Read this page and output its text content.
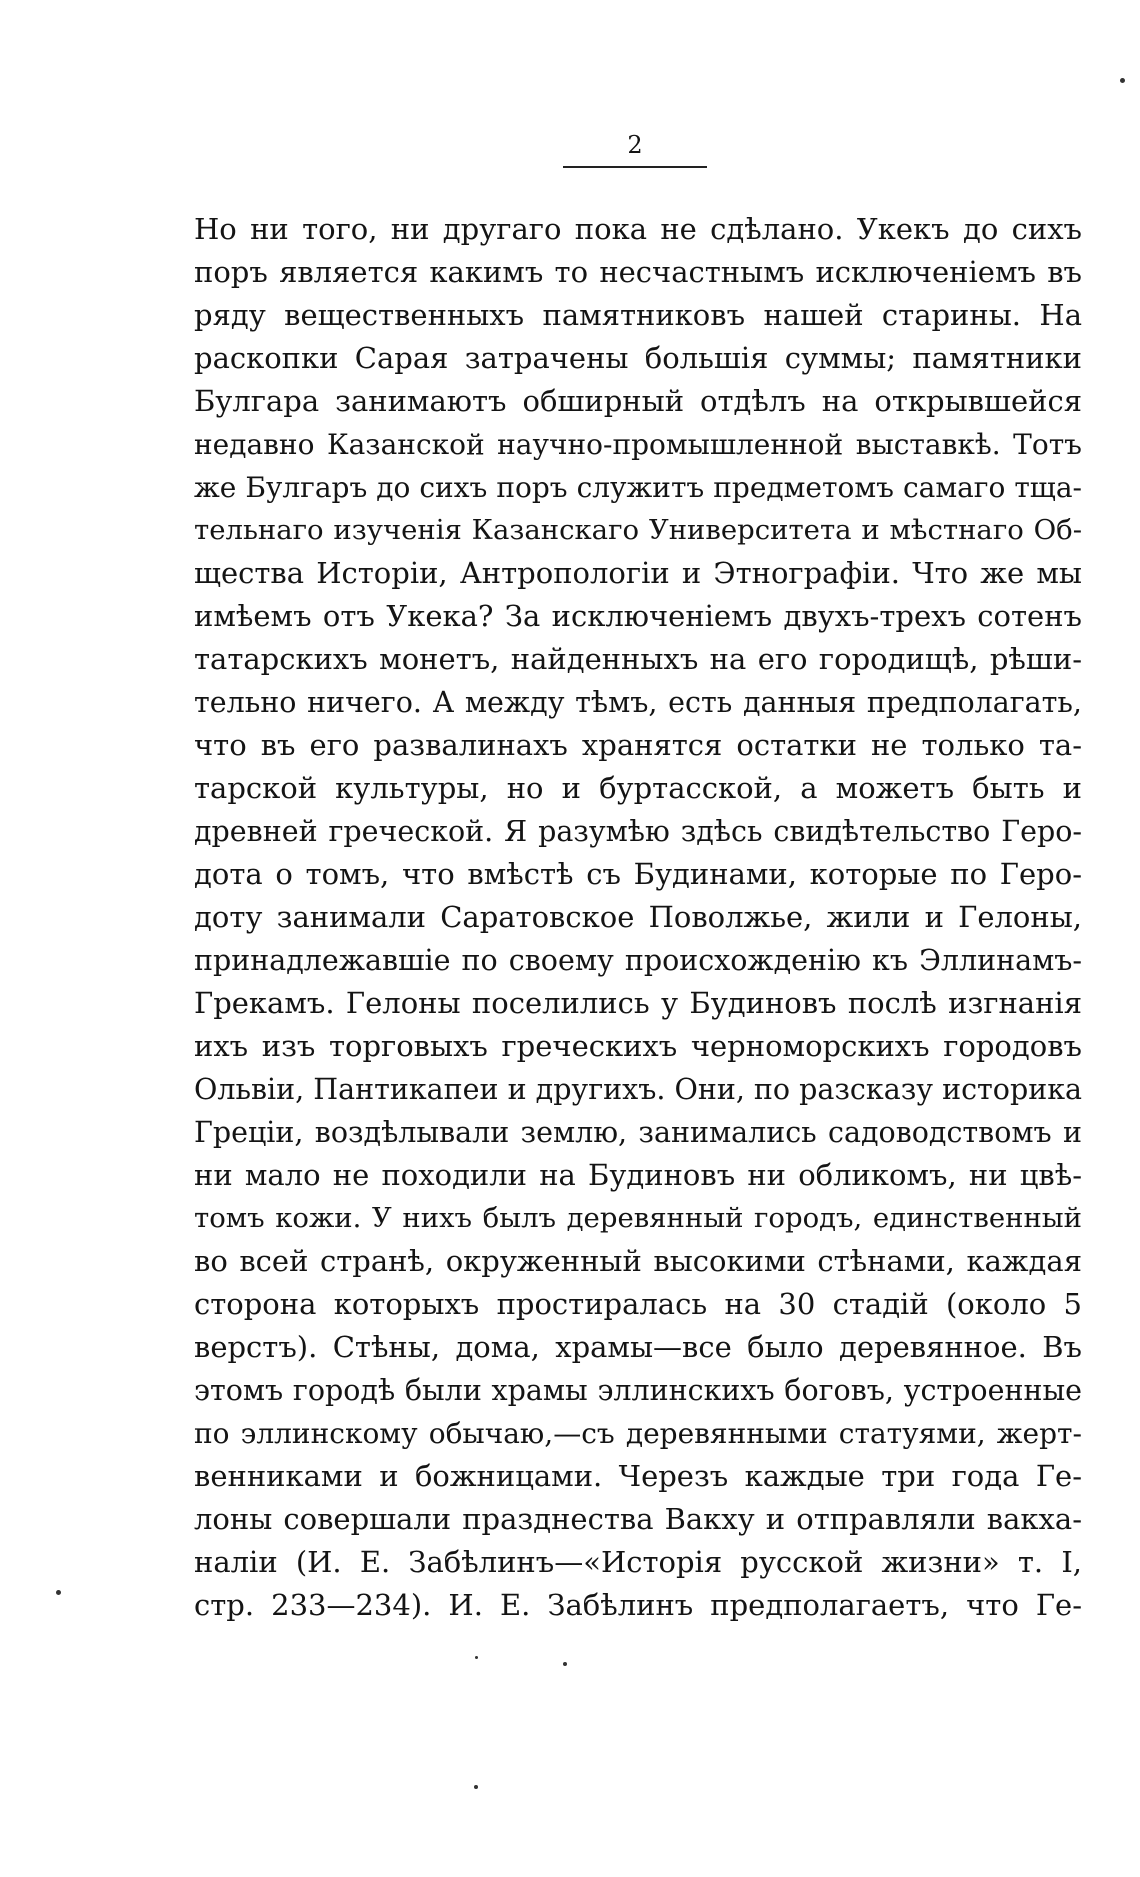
2
Но ни того, ни другаго пока не сдѣлано. Укекъ до сихъ
поръ является какимъ то несчастнымъ исключеніемъ въ
ряду вещественныхъ памятниковъ нашей старины. На
раскопки Сарая затрачены большія суммы; памятники
Булгара занимаютъ обширный отдѣлъ на открывшейся
недавно Казанской научно-промышленной выставкѣ. Тотъ
же Булгаръ до сихъ поръ служитъ предметомъ самаго тща-
тельнаго изученія Казанскаго Университета и мѣстнаго Об-
щества Исторіи, Антропологіи и Этнографіи. Что же мы
имѣемъ отъ Укека? За исключеніемъ двухъ-трехъ сотенъ
татарскихъ монетъ, найденныхъ на его городищѣ, рѣши-
тельно ничего. А между тѣмъ, есть данныя предполагать,
что въ его развалинахъ хранятся остатки не только та-
тарской культуры, но и буртасской, а можетъ быть и
древней греческой. Я разумѣю здѣсь свидѣтельство Геро-
дота о томъ, что вмѣстѣ съ Будинами, которые по Геро-
доту занимали Саратовское Поволжье, жили и Гелоны,
принадлежавшіе по своему происхожденію къ Эллинамъ-
Грекамъ. Гелоны поселились у Будиновъ послѣ изгнанія
ихъ изъ торговыхъ греческихъ черноморскихъ городовъ
Ольвіи, Пантикапеи и другихъ. Они, по разсказу историка
Греціи, воздѣлывали землю, занимались садоводствомъ и
ни мало не походили на Будиновъ ни обликомъ, ни цвѣ-
томъ кожи. У нихъ былъ деревянный городъ, единственный
во всей странѣ, окруженный высокими стѣнами, каждая
сторона которыхъ простиралась на 30 стадій (около 5
верстъ). Стѣны, дома, храмы—все было деревянное. Въ
этомъ городѣ были храмы эллинскихъ боговъ, устроенные
по эллинскому обычаю,—съ деревянными статуями, жерт-
венниками и божницами. Черезъ каждые три года Ге-
лоны совершали празднества Вакху и отправляли вакха-
наліи (И. Е. Забѣлинъ—«Исторія русской жизни» т. I,
стр. 233—234). И. Е. Забѣлинъ предполагаетъ, что Ге-
